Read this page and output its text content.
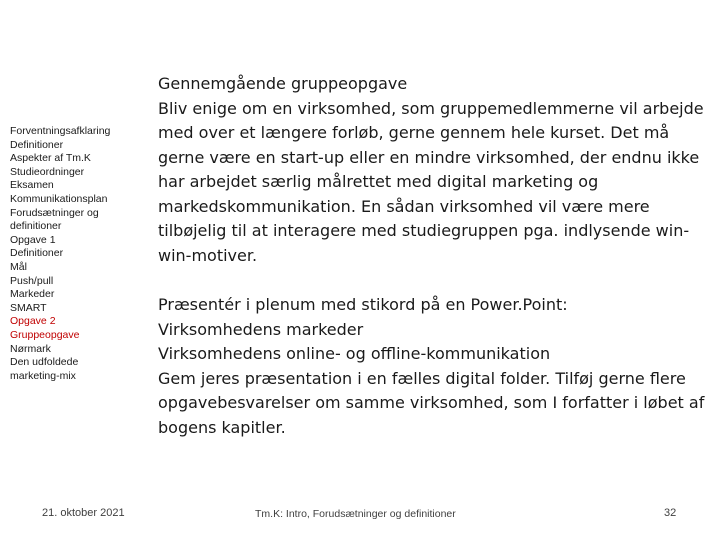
Forventningsafklaring
Definitioner
Aspekter af Tm.K
Studieordninger
Eksamen
Kommunikationsplan
Forudsætninger og definitioner
Opgave 1
Definitioner
Mål
Push/pull
Markeder
SMART
Opgave 2
Gruppeopgave
Nørmark
Den udfoldede marketing-mix

Gennemgående gruppeopgave

Bliv enige om en virksomhed, som gruppemedlemmerne vil arbejde med over et længere forløb, gerne gennem hele kurset. Det må gerne være en start-up eller en mindre virksomhed, der endnu ikke har arbejdet særlig målrettet med digital marketing og markedskommunikation. En sådan virksomhed vil være mere tilbøjelig til at interagere med studiegruppen pga. indlysende win-win-motiver.

Præsentér i plenum med stikord på en Power.Point:

Virksomhedens markeder

Virksomhedens online- og offline-kommunikation

Gem jeres præsentation i en fælles digital folder. Tilføj gerne flere opgavebesvarelser om samme virksomhed, som I forfatter i løbet af bogens kapitler.

21. oktober 2021	Tm.K: Intro, Forudsætninger og definitioner	32
